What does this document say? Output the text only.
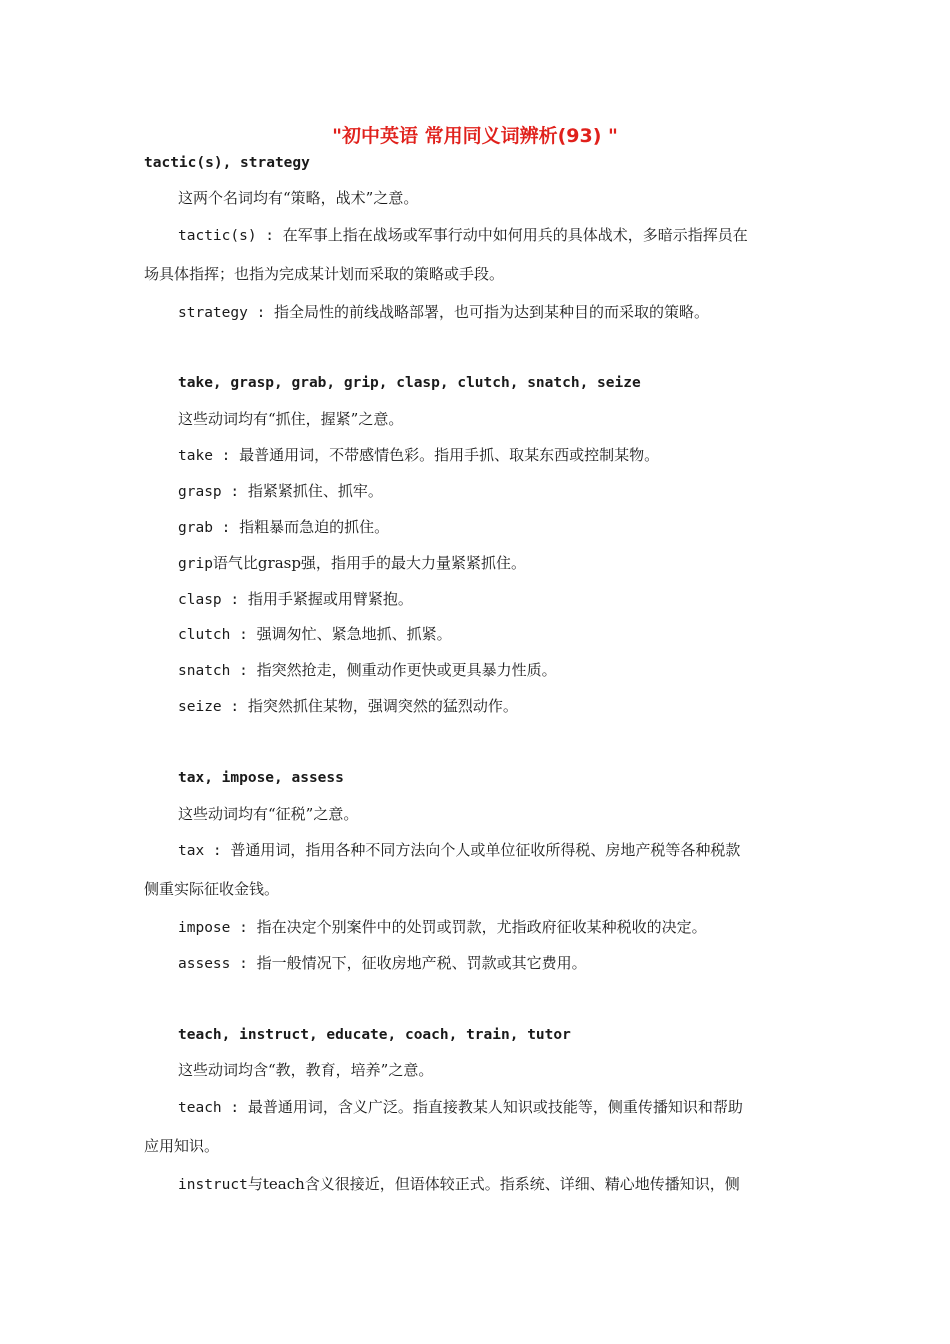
"初中英语 常用同义词辨析(93) "
tactic(s), strategy
这两个名词均有“策略，战术”之意。
tactic(s) : 在军事上指在战场或军事行动中如何用兵的具体战术，多暗示指挥员在
场具体指挥；也指为完成某计划而采取的策略或手段。
strategy : 指全局性的前线战略部署，也可指为达到某种目的而采取的策略。
take, grasp, grab, grip, clasp, clutch, snatch, seize
这些动词均有“抓住，握紧”之意。
take : 最普通用词，不带感情色彩。指用手抓、取某东西或控制某物。
grasp : 指紧紧抓住、抓牢。
grab : 指粗暴而急迫的抓住。
grip语气比grasp强，指用手的最大力量紧紧抓住。
clasp : 指用手紧握或用臂紧抱。
clutch : 强调匆忙、紧急地抓、抓紧。
snatch : 指突然抢走，侧重动作更快或更具暴力性质。
seize : 指突然抓住某物，强调突然的猛烈动作。
tax, impose, assess
这些动词均有“征税”之意。
tax : 普通用词，指用各种不同方法向个人或单位征收所得税、房地产税等各种税款
侧重实际征收金钱。
impose : 指在决定个别案件中的处罚或罚款，尤指政府征收某种税收的决定。
assess : 指一般情况下，征收房地产税、罚款或其它费用。
teach, instruct, educate, coach, train, tutor
这些动词均含“教，教育，培养”之意。
teach : 最普通用词，含义广泛。指直接教某人知识或技能等，侧重传播知识和帮助
应用知识。
instruct与teach含义很接近，但语体较正式。指系统、详细、精心地传播知识，侧
